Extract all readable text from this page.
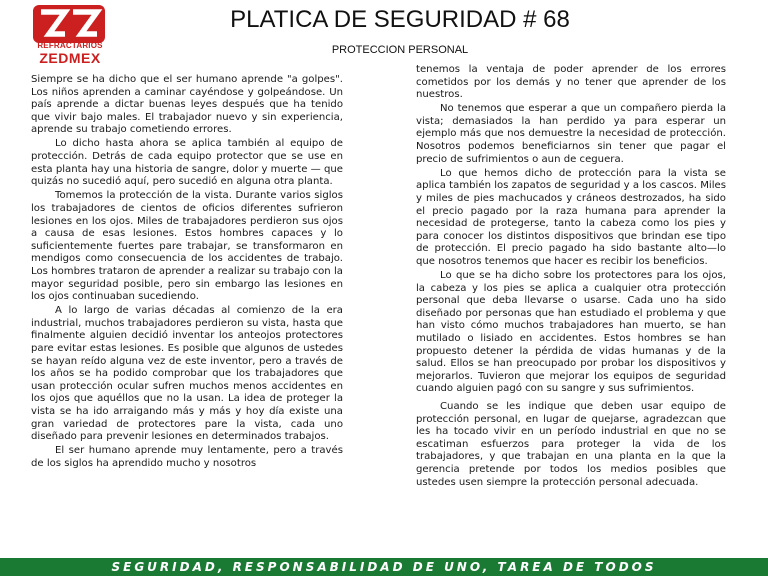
REFRACTARIOS
ZEDMEX
PLATICA DE SEGURIDAD # 68
PROTECCION PERSONAL

Siempre se ha dicho que el ser humano aprende "a golpes". Los niños aprenden a caminar cayéndose y golpeándose. Un país aprende a dictar buenas leyes después que ha tenido que vivir bajo males. El trabajador nuevo y sin experiencia, aprende su trabajo cometiendo errores.

Lo dicho hasta ahora se aplica también al equipo de protección. Detrás de cada equipo protector que se use en esta planta hay una historia de sangre, dolor y muerte — que quizás no sucedió aquí, pero sucedió en alguna otra planta.

Tomemos la protección de la vista. Durante varios siglos los trabajadores de cientos de oficios diferentes sufrieron lesiones en los ojos. Miles de trabajadores perdieron sus ojos a causa de esas lesiones. Estos hombres capaces y lo suficientemente fuertes pare trabajar, se transformaron en mendigos como consecuencia de los accidentes de trabajo. Los hombres trataron de aprender a realizar su trabajo con la mayor seguridad posible, pero sin embargo las lesiones en los ojos continuaban sucediendo.

A lo largo de varias décadas al comienzo de la era industrial, muchos trabajadores perdieron su vista, hasta que finalmente alguien decidió inventar los anteojos protectores pare evitar estas lesiones. Es posible que algunos de ustedes se hayan reído alguna vez de este inventor, pero a través de los años se ha podido comprobar que los trabajadores que usan protección ocular sufren muchos menos accidentes en los ojos que aquéllos que no la usan. La idea de proteger la vista se ha ido arraigando más y más y hoy día existe una gran variedad de protectores pare la vista, cada uno diseñado para prevenir lesiones en determinados trabajos.

El ser humano aprende muy lentamente, pero a través de los siglos ha aprendido mucho y nosotros

tenemos la ventaja de poder aprender de los errores cometidos por los demás y no tener que aprender de los nuestros.

No tenemos que esperar a que un compañero pierda la vista; demasiados la han perdido ya para esperar un ejemplo más que nos demuestre la necesidad de protección. Nosotros podemos beneficiarnos sin tener que pagar el precio de sufrimientos o aun de ceguera.

Lo que hemos dicho de protección para la vista se aplica también los zapatos de seguridad y a los cascos. Miles y miles de pies machucados y cráneos destrozados, ha sido el precio pagado por la raza humana para aprender la necesidad de protegerse, tanto la cabeza como los pies y para conocer los distintos dispositivos que brindan ese tipo de protección. El precio pagado ha sido bastante alto—lo que nosotros tenemos que hacer es recibir los beneficios.

Lo que se ha dicho sobre los protectores para los ojos, la cabeza y los pies se aplica a cualquier otra protección personal que deba llevarse o usarse. Cada uno ha sido diseñado por personas que han estudiado el problema y que han visto cómo muchos trabajadores han muerto, se han mutilado o lisiado en accidentes. Estos hombres se han propuesto detener la pérdida de vidas humanas y de la salud. Ellos se han preocupado por probar los dispositivos y mejorarlos. Tuvieron que mejorar los equipos de seguridad cuando alguien pagó con su sangre y sus sufrimientos.

Cuando se les indique que deben usar equipo de protección personal, en lugar de quejarse, agradezcan que les ha tocado vivir en un período industrial en que no se escatiman esfuerzos para proteger la vida de los trabajadores, y que trabajan en una planta en la que la gerencia pretende por todos los medios posibles que ustedes usen siempre la protección personal adecuada.

SEGURIDAD, RESPONSABILIDAD DE UNO, TAREA DE TODOS
